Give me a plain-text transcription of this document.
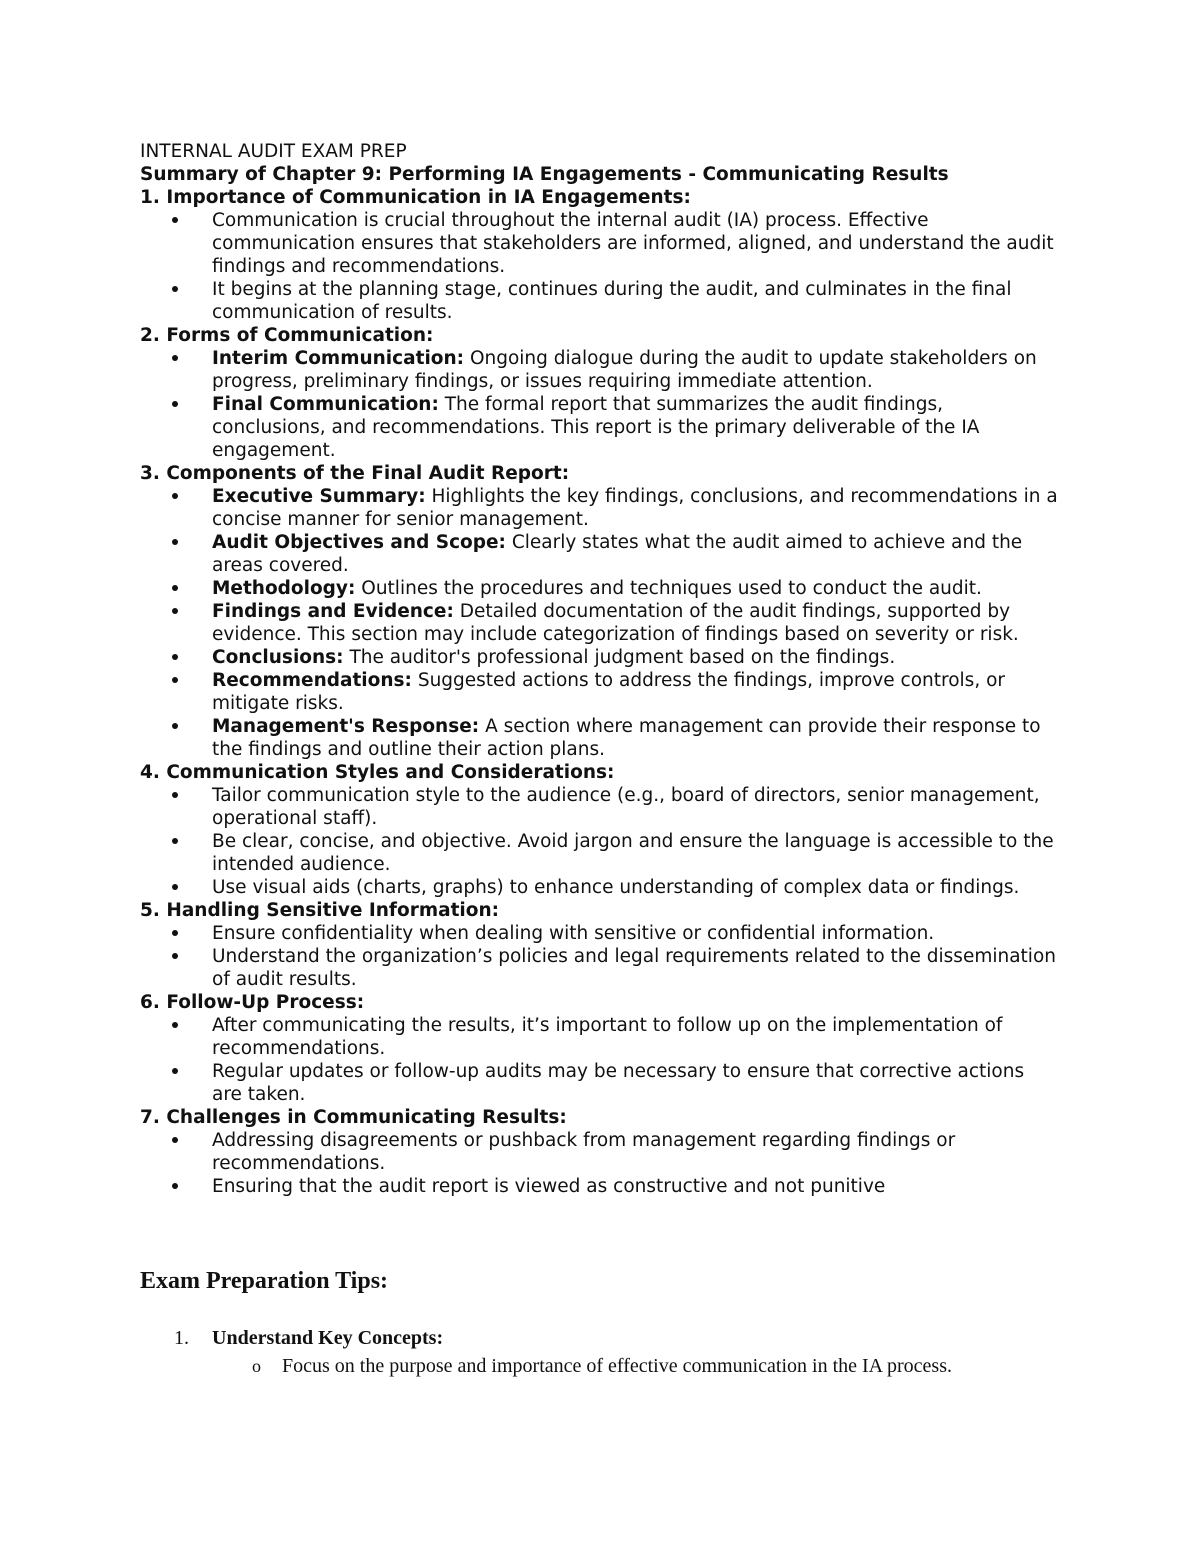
INTERNAL AUDIT EXAM PREP

Summary of Chapter 9: Performing IA Engagements - Communicating Results

1. Importance of Communication in IA Engagements:

Communication is crucial throughout the internal audit (IA) process. Effective communication ensures that stakeholders are informed, aligned, and understand the audit findings and recommendations.
It begins at the planning stage, continues during the audit, and culminates in the final communication of results.

2. Forms of Communication:

Interim Communication: Ongoing dialogue during the audit to update stakeholders on progress, preliminary findings, or issues requiring immediate attention.
Final Communication: The formal report that summarizes the audit findings, conclusions, and recommendations. This report is the primary deliverable of the IA engagement.

3. Components of the Final Audit Report:

Executive Summary: Highlights the key findings, conclusions, and recommendations in a concise manner for senior management.
Audit Objectives and Scope: Clearly states what the audit aimed to achieve and the areas covered.
Methodology: Outlines the procedures and techniques used to conduct the audit.
Findings and Evidence: Detailed documentation of the audit findings, supported by evidence. This section may include categorization of findings based on severity or risk.
Conclusions: The auditor's professional judgment based on the findings.
Recommendations: Suggested actions to address the findings, improve controls, or mitigate risks.
Management's Response: A section where management can provide their response to the findings and outline their action plans.

4. Communication Styles and Considerations:

Tailor communication style to the audience (e.g., board of directors, senior management, operational staff).
Be clear, concise, and objective. Avoid jargon and ensure the language is accessible to the intended audience.
Use visual aids (charts, graphs) to enhance understanding of complex data or findings.

5. Handling Sensitive Information:

Ensure confidentiality when dealing with sensitive or confidential information.
Understand the organization’s policies and legal requirements related to the dissemination of audit results.

6. Follow-Up Process:

After communicating the results, it’s important to follow up on the implementation of recommendations.
Regular updates or follow-up audits may be necessary to ensure that corrective actions are taken.

7. Challenges in Communicating Results:

Addressing disagreements or pushback from management regarding findings or recommendations.
Ensuring that the audit report is viewed as constructive and not punitive
Exam Preparation Tips:
1.	Understand Key Concepts:
o Focus on the purpose and importance of effective communication in the IA process.
